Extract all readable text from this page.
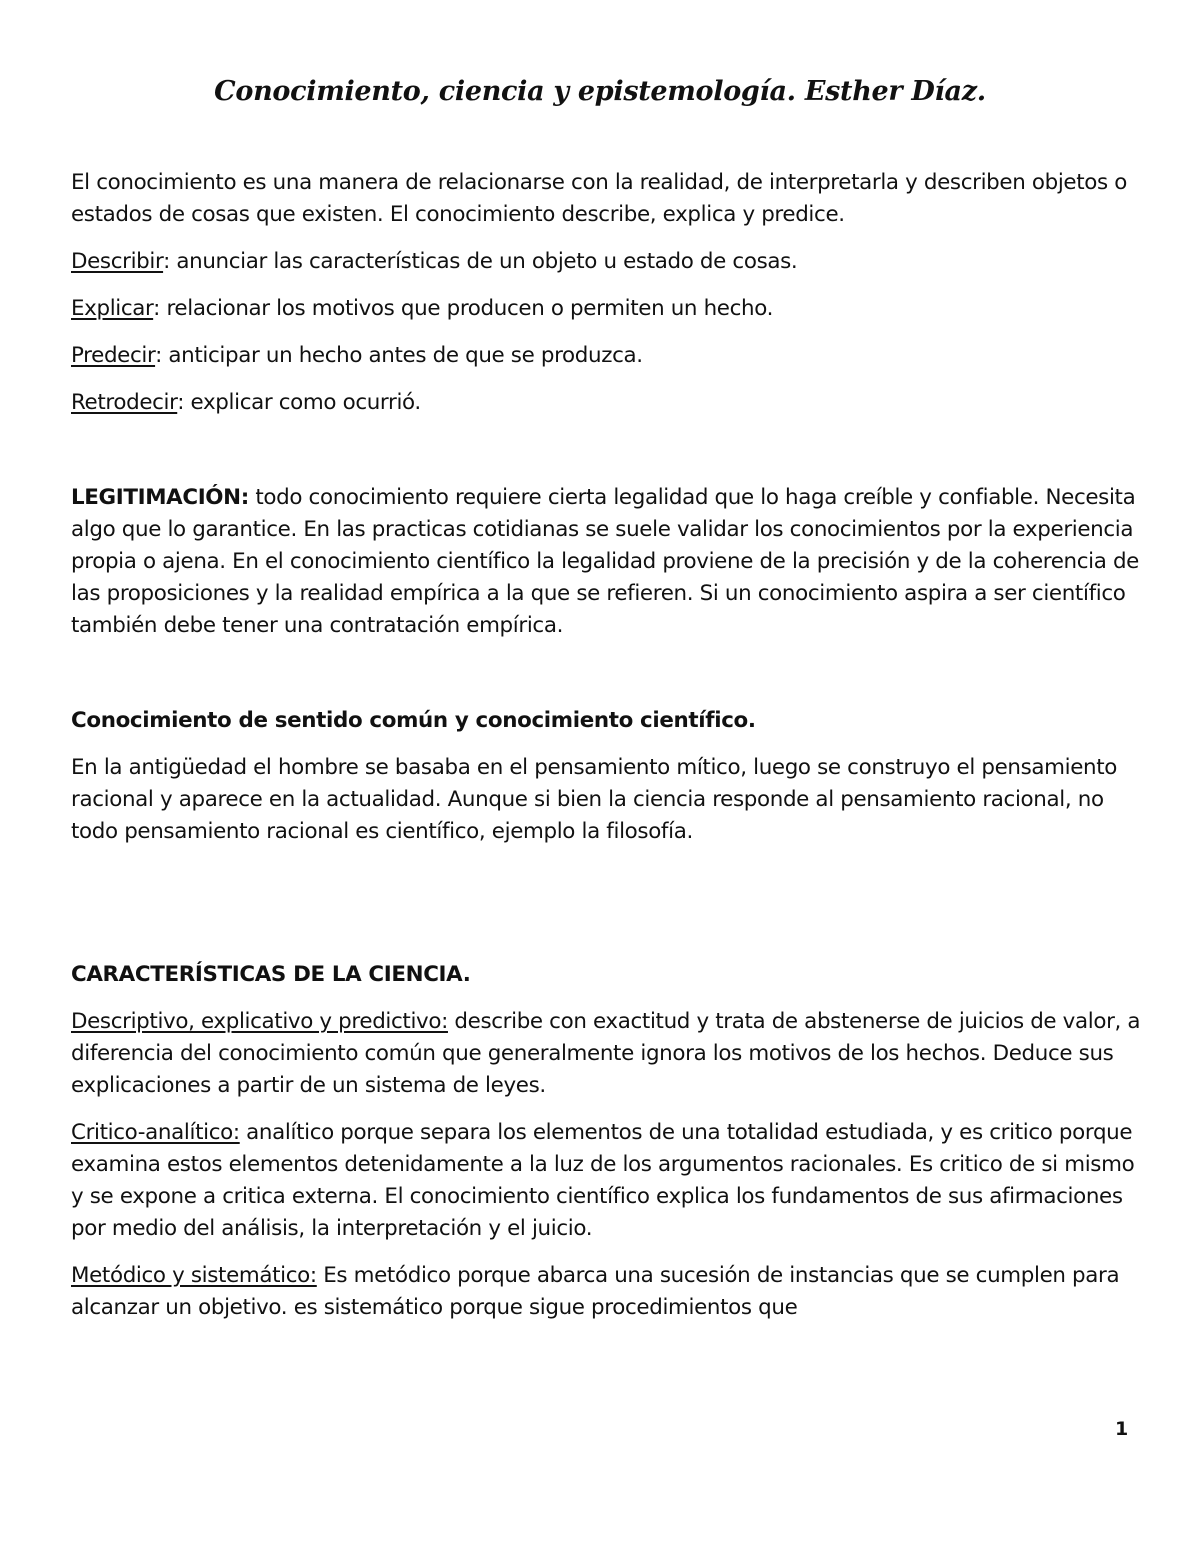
Conocimiento, ciencia y epistemología. Esther Díaz.

El conocimiento es una manera de relacionarse con la realidad, de interpretarla y describen objetos o estados de cosas que existen. El conocimiento describe, explica y predice.

Describir: anunciar las características de un objeto u estado de cosas.

Explicar: relacionar los motivos que producen o permiten un hecho.

Predecir: anticipar un hecho antes de que se produzca.

Retrodecir: explicar como ocurrió.

LEGITIMACIÓN: todo conocimiento requiere cierta legalidad que lo haga creíble y confiable. Necesita algo que lo garantice. En las practicas cotidianas se suele validar los conocimientos por la experiencia propia o ajena. En el conocimiento científico la legalidad proviene de la precisión y de la coherencia de las proposiciones y la realidad empírica a la que se refieren. Si un conocimiento aspira a ser científico también debe tener una contratación empírica.

Conocimiento de sentido común y conocimiento científico.

En la antigüedad el hombre se basaba en el pensamiento mítico, luego se construyo el pensamiento racional y aparece en la actualidad. Aunque si bien la ciencia responde al pensamiento racional, no todo pensamiento racional es científico, ejemplo la filosofía.

CARACTERÍSTICAS DE LA CIENCIA.

Descriptivo, explicativo y predictivo: describe con exactitud y trata de abstenerse de juicios de valor, a diferencia del conocimiento común que generalmente ignora los motivos de los hechos. Deduce sus explicaciones a partir de un sistema de leyes.

Critico-analítico: analítico porque separa los elementos de una totalidad estudiada, y es critico porque examina estos elementos detenidamente a la luz de los argumentos racionales. Es critico de si mismo y se expone a critica externa. El conocimiento científico explica los fundamentos de sus afirmaciones por medio del análisis, la interpretación y el juicio.

Metódico y sistemático: Es metódico porque abarca una sucesión de instancias que se cumplen para alcanzar un objetivo. es sistemático porque sigue procedimientos que

1
